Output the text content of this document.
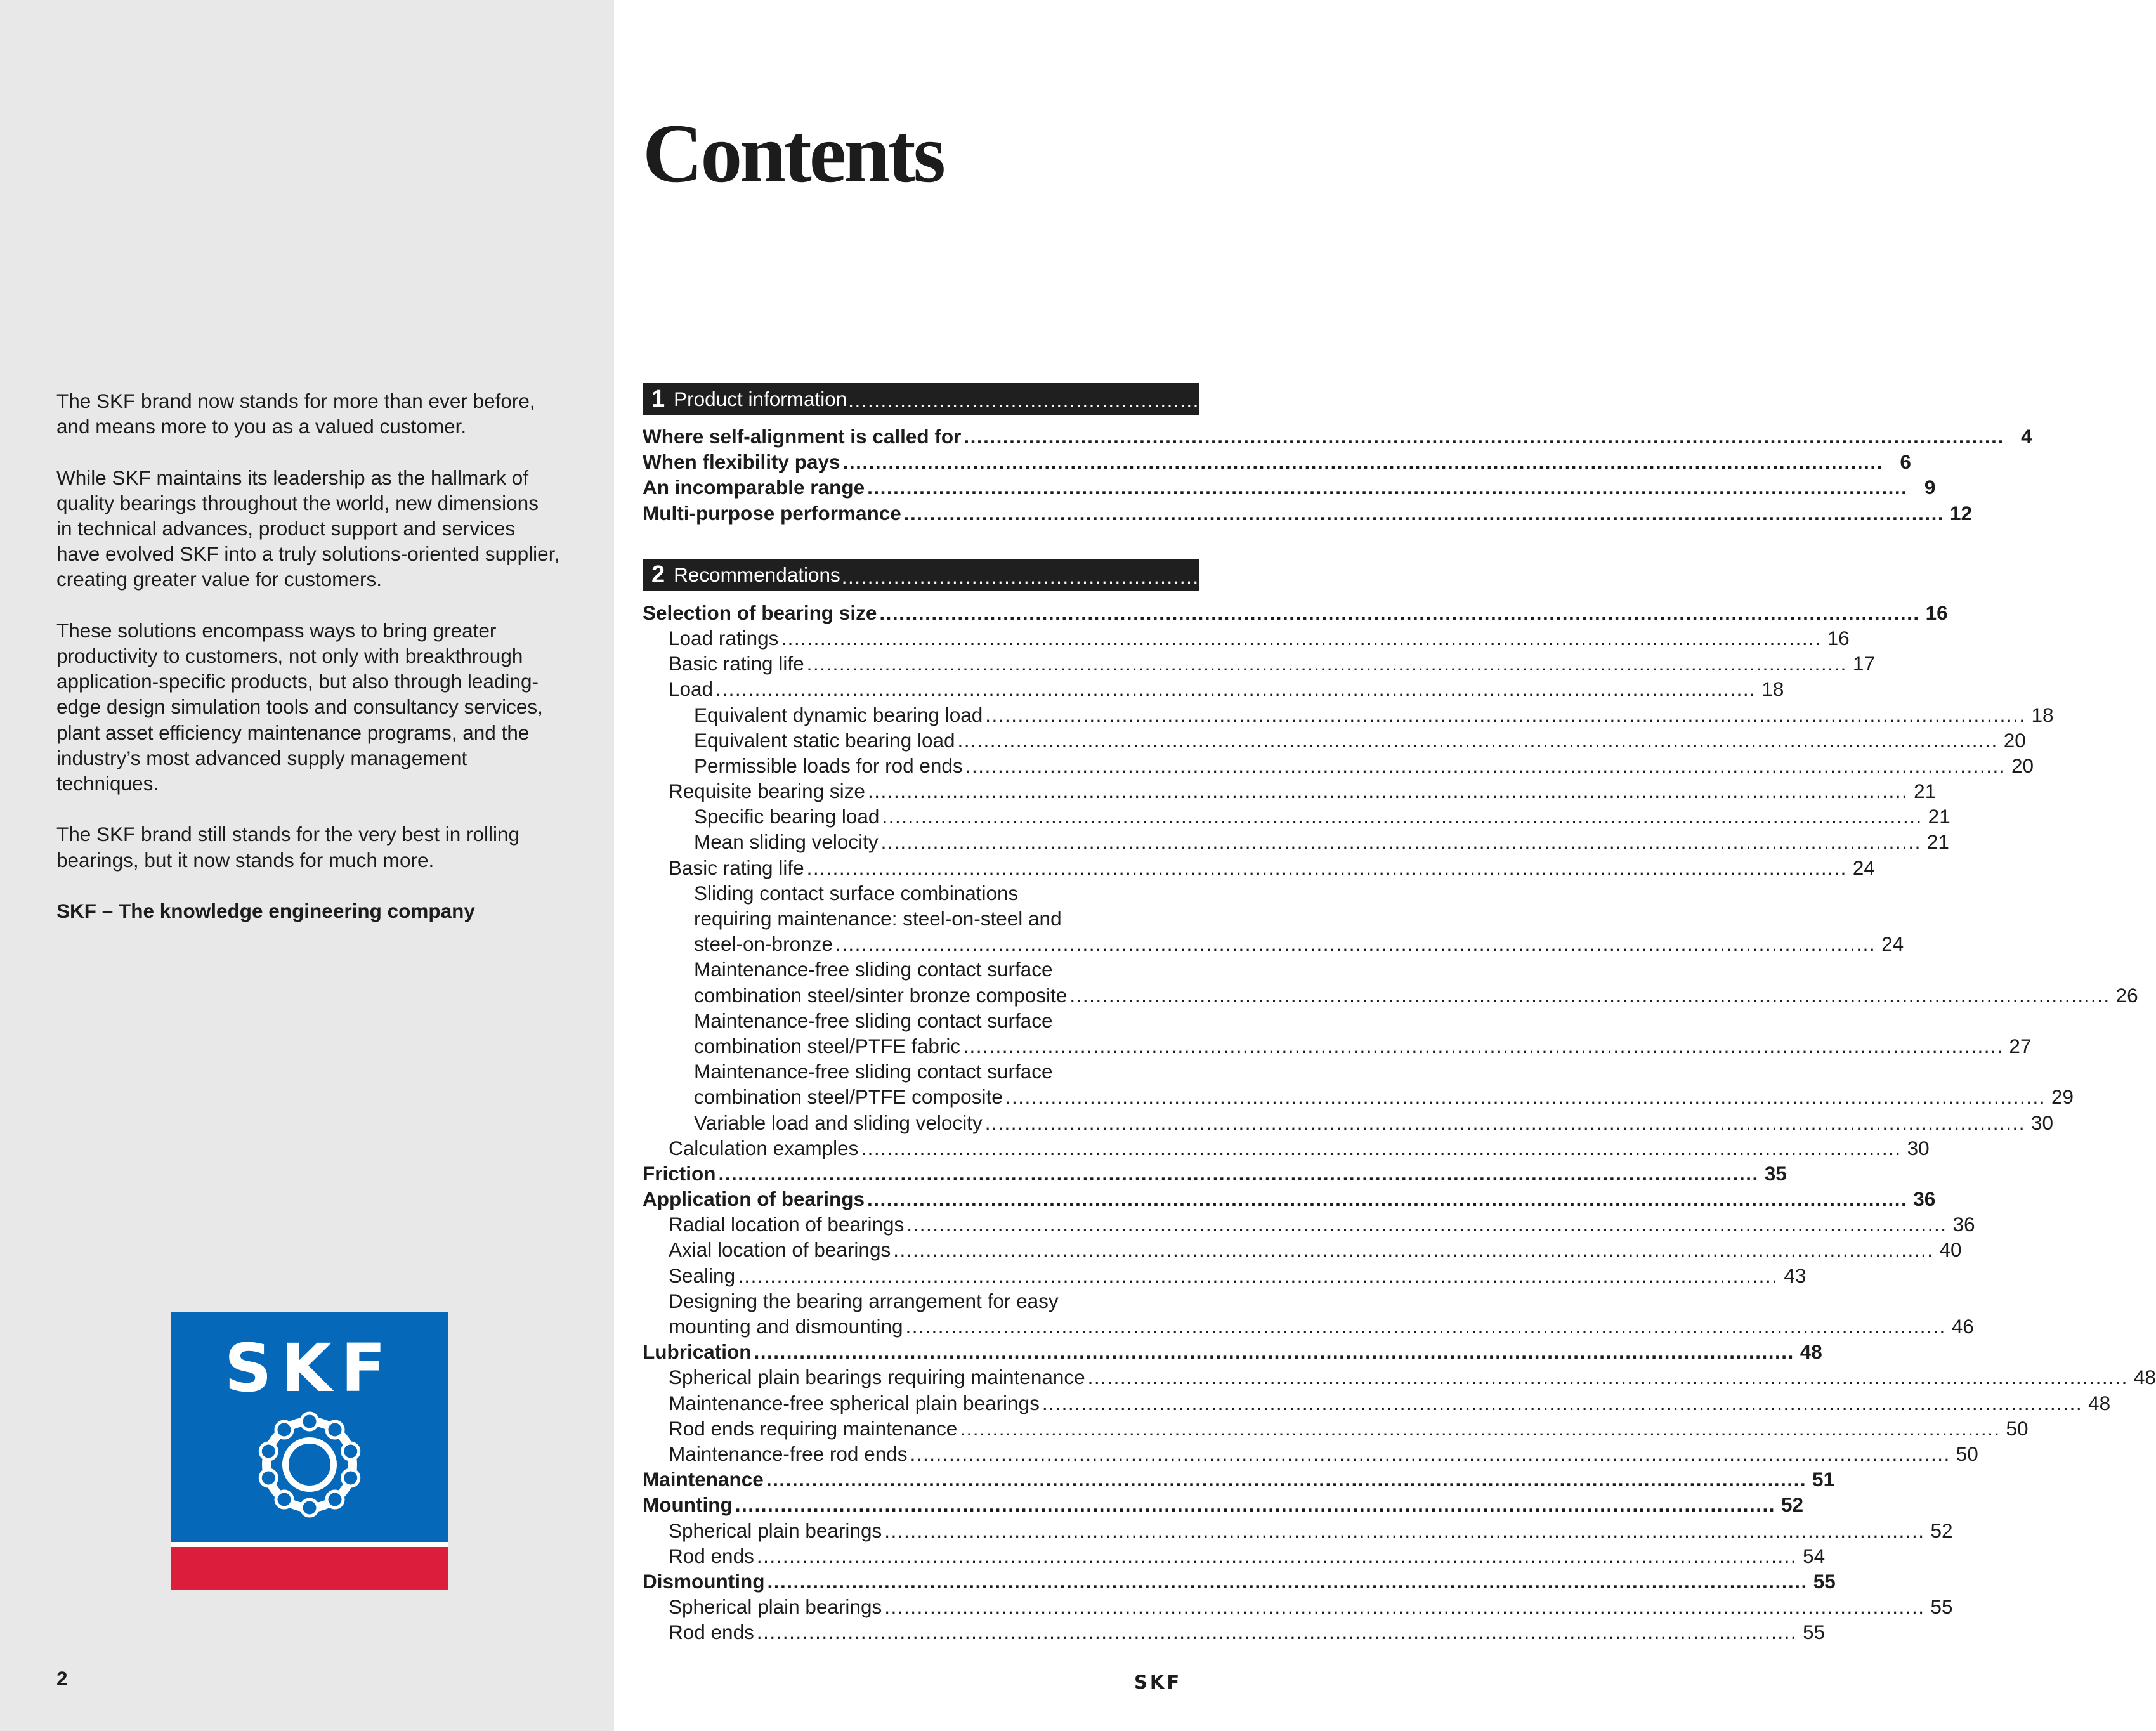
The SKF brand now stands for more than ever before,
and means more to you as a valued customer.

While SKF maintains its leadership as the hallmark of
quality bearings throughout the world, new dimensions
in technical advances, product support and services
have evolved SKF into a truly solutions-oriented supplier,
creating greater value for customers.

These solutions encompass ways to bring greater
productivity to customers, not only with breakthrough
application-specific products, but also through leading-
edge design simulation tools and consultancy services,
plant asset efficiency maintenance programs, and the
industry’s most advanced supply management
techniques.

The SKF brand still stands for the very best in rolling
bearings, but it now stands for much more.

SKF – The knowledge engineering company

SKF
2
Contents
1 Product information ................................................................................................................................................................ 4
Where self-alignment is called for ................................................................................................................................................................ 4
When flexibility pays ................................................................................................................................................................ 6
An incomparable range ................................................................................................................................................................ 9
Multi-purpose performance ................................................................................................................................................................ 12
2 Recommendations ................................................................................................................................................................ 16
Selection of bearing size ................................................................................................................................................................ 16
Load ratings ................................................................................................................................................................ 16
Basic rating life ................................................................................................................................................................ 17
Load ................................................................................................................................................................ 18
Equivalent dynamic bearing load ................................................................................................................................................................ 18
Equivalent static bearing load ................................................................................................................................................................ 20
Permissible loads for rod ends ................................................................................................................................................................ 20
Requisite bearing size ................................................................................................................................................................ 21
Specific bearing load ................................................................................................................................................................ 21
Mean sliding velocity ................................................................................................................................................................ 21
Basic rating life ................................................................................................................................................................ 24
Sliding contact surface combinations
requiring maintenance: steel-on-steel and
steel-on-bronze ................................................................................................................................................................ 24
Maintenance-free sliding contact surface
combination steel/sinter bronze composite ................................................................................................................................................................ 26
Maintenance-free sliding contact surface
combination steel/PTFE fabric ................................................................................................................................................................ 27
Maintenance-free sliding contact surface
combination steel/PTFE composite ................................................................................................................................................................ 29
Variable load and sliding velocity ................................................................................................................................................................ 30
Calculation examples ................................................................................................................................................................ 30
Friction ................................................................................................................................................................ 35
Application of bearings ................................................................................................................................................................ 36
Radial location of bearings ................................................................................................................................................................ 36
Axial location of bearings ................................................................................................................................................................ 40
Sealing ................................................................................................................................................................ 43
Designing the bearing arrangement for easy
mounting and dismounting ................................................................................................................................................................ 46
Lubrication ................................................................................................................................................................ 48
Spherical plain bearings requiring maintenance ................................................................................................................................................................ 48
Maintenance-free spherical plain bearings ................................................................................................................................................................ 48
Rod ends requiring maintenance ................................................................................................................................................................ 50
Maintenance-free rod ends ................................................................................................................................................................ 50
Maintenance ................................................................................................................................................................ 51
Mounting ................................................................................................................................................................ 52
Spherical plain bearings ................................................................................................................................................................ 52
Rod ends ................................................................................................................................................................ 54
Dismounting ................................................................................................................................................................ 55
Spherical plain bearings ................................................................................................................................................................ 55
Rod ends ................................................................................................................................................................ 55
SKF
